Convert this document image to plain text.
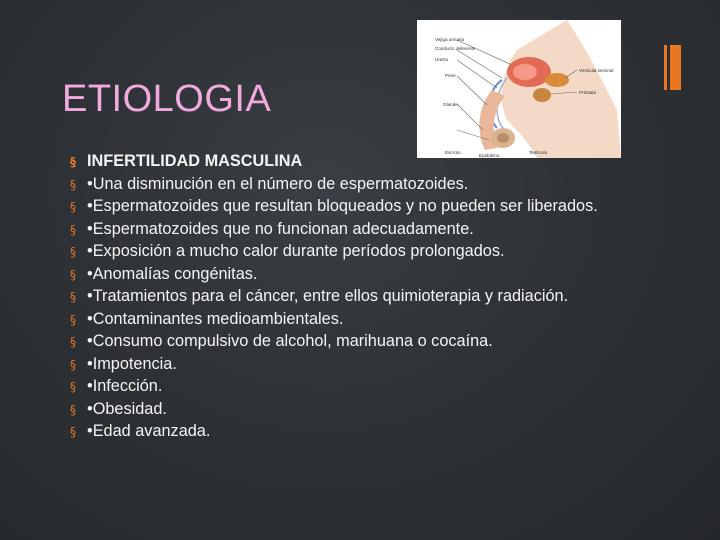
ETIOLOGIA
Vejiga urinaria
Conducto deferente
Uretra
Pene
Glande
Escroto
Epidídimo
Testículo
Vesícula seminal
Próstata
§ INFERTILIDAD MASCULINA
§ •Una disminución en el número de espermatozoides.
§ •Espermatozoides que resultan bloqueados y no pueden ser liberados.
§ •Espermatozoides que no funcionan adecuadamente.
§ •Exposición a mucho calor durante períodos prolongados.
§ •Anomalías congénitas.
§ •Tratamientos para el cáncer, entre ellos quimioterapia y radiación.
§ •Contaminantes medioambientales.
§ •Consumo compulsivo de alcohol, marihuana o cocaína.
§ •Impotencia.
§ •Infección.
§ •Obesidad.
§ •Edad avanzada.
